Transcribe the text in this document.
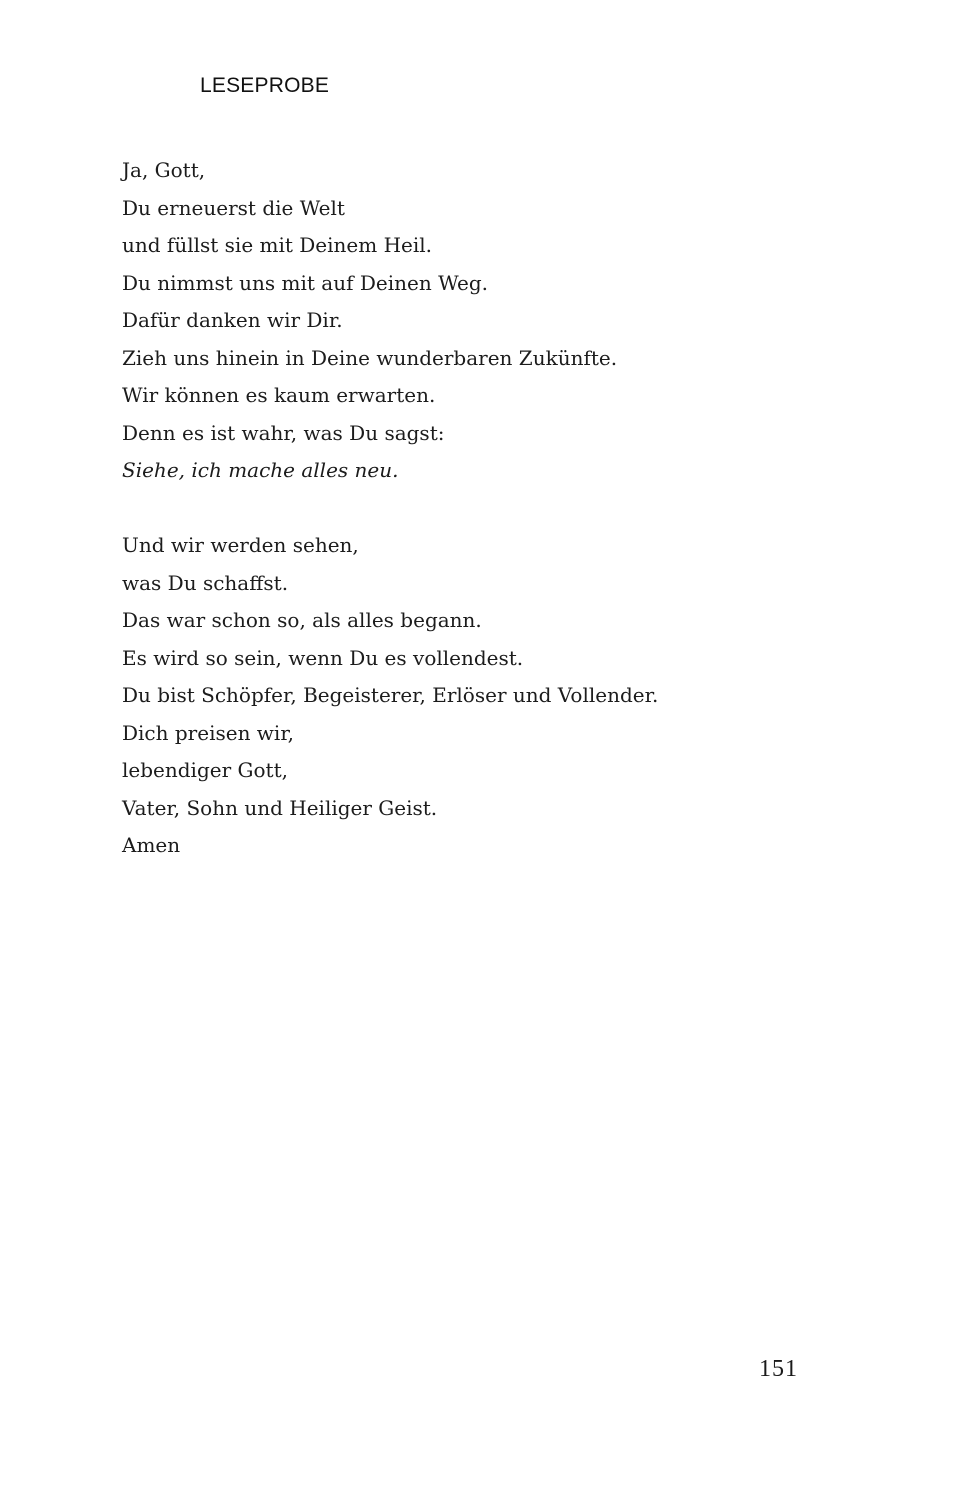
LESEPROBE
Ja, Gott,
Du erneuerst die Welt
und füllst sie mit Deinem Heil.
Du nimmst uns mit auf Deinen Weg.
Dafür danken wir Dir.
Zieh uns hinein in Deine wunderbaren Zukünfte.
Wir können es kaum erwarten.
Denn es ist wahr, was Du sagst:
Siehe, ich mache alles neu.
Und wir werden sehen,
was Du schaffst.
Das war schon so, als alles begann.
Es wird so sein, wenn Du es vollendest.
Du bist Schöpfer, Begeisterer, Erlöser und Vollender.
Dich preisen wir,
lebendiger Gott,
Vater, Sohn und Heiliger Geist.
Amen
151
